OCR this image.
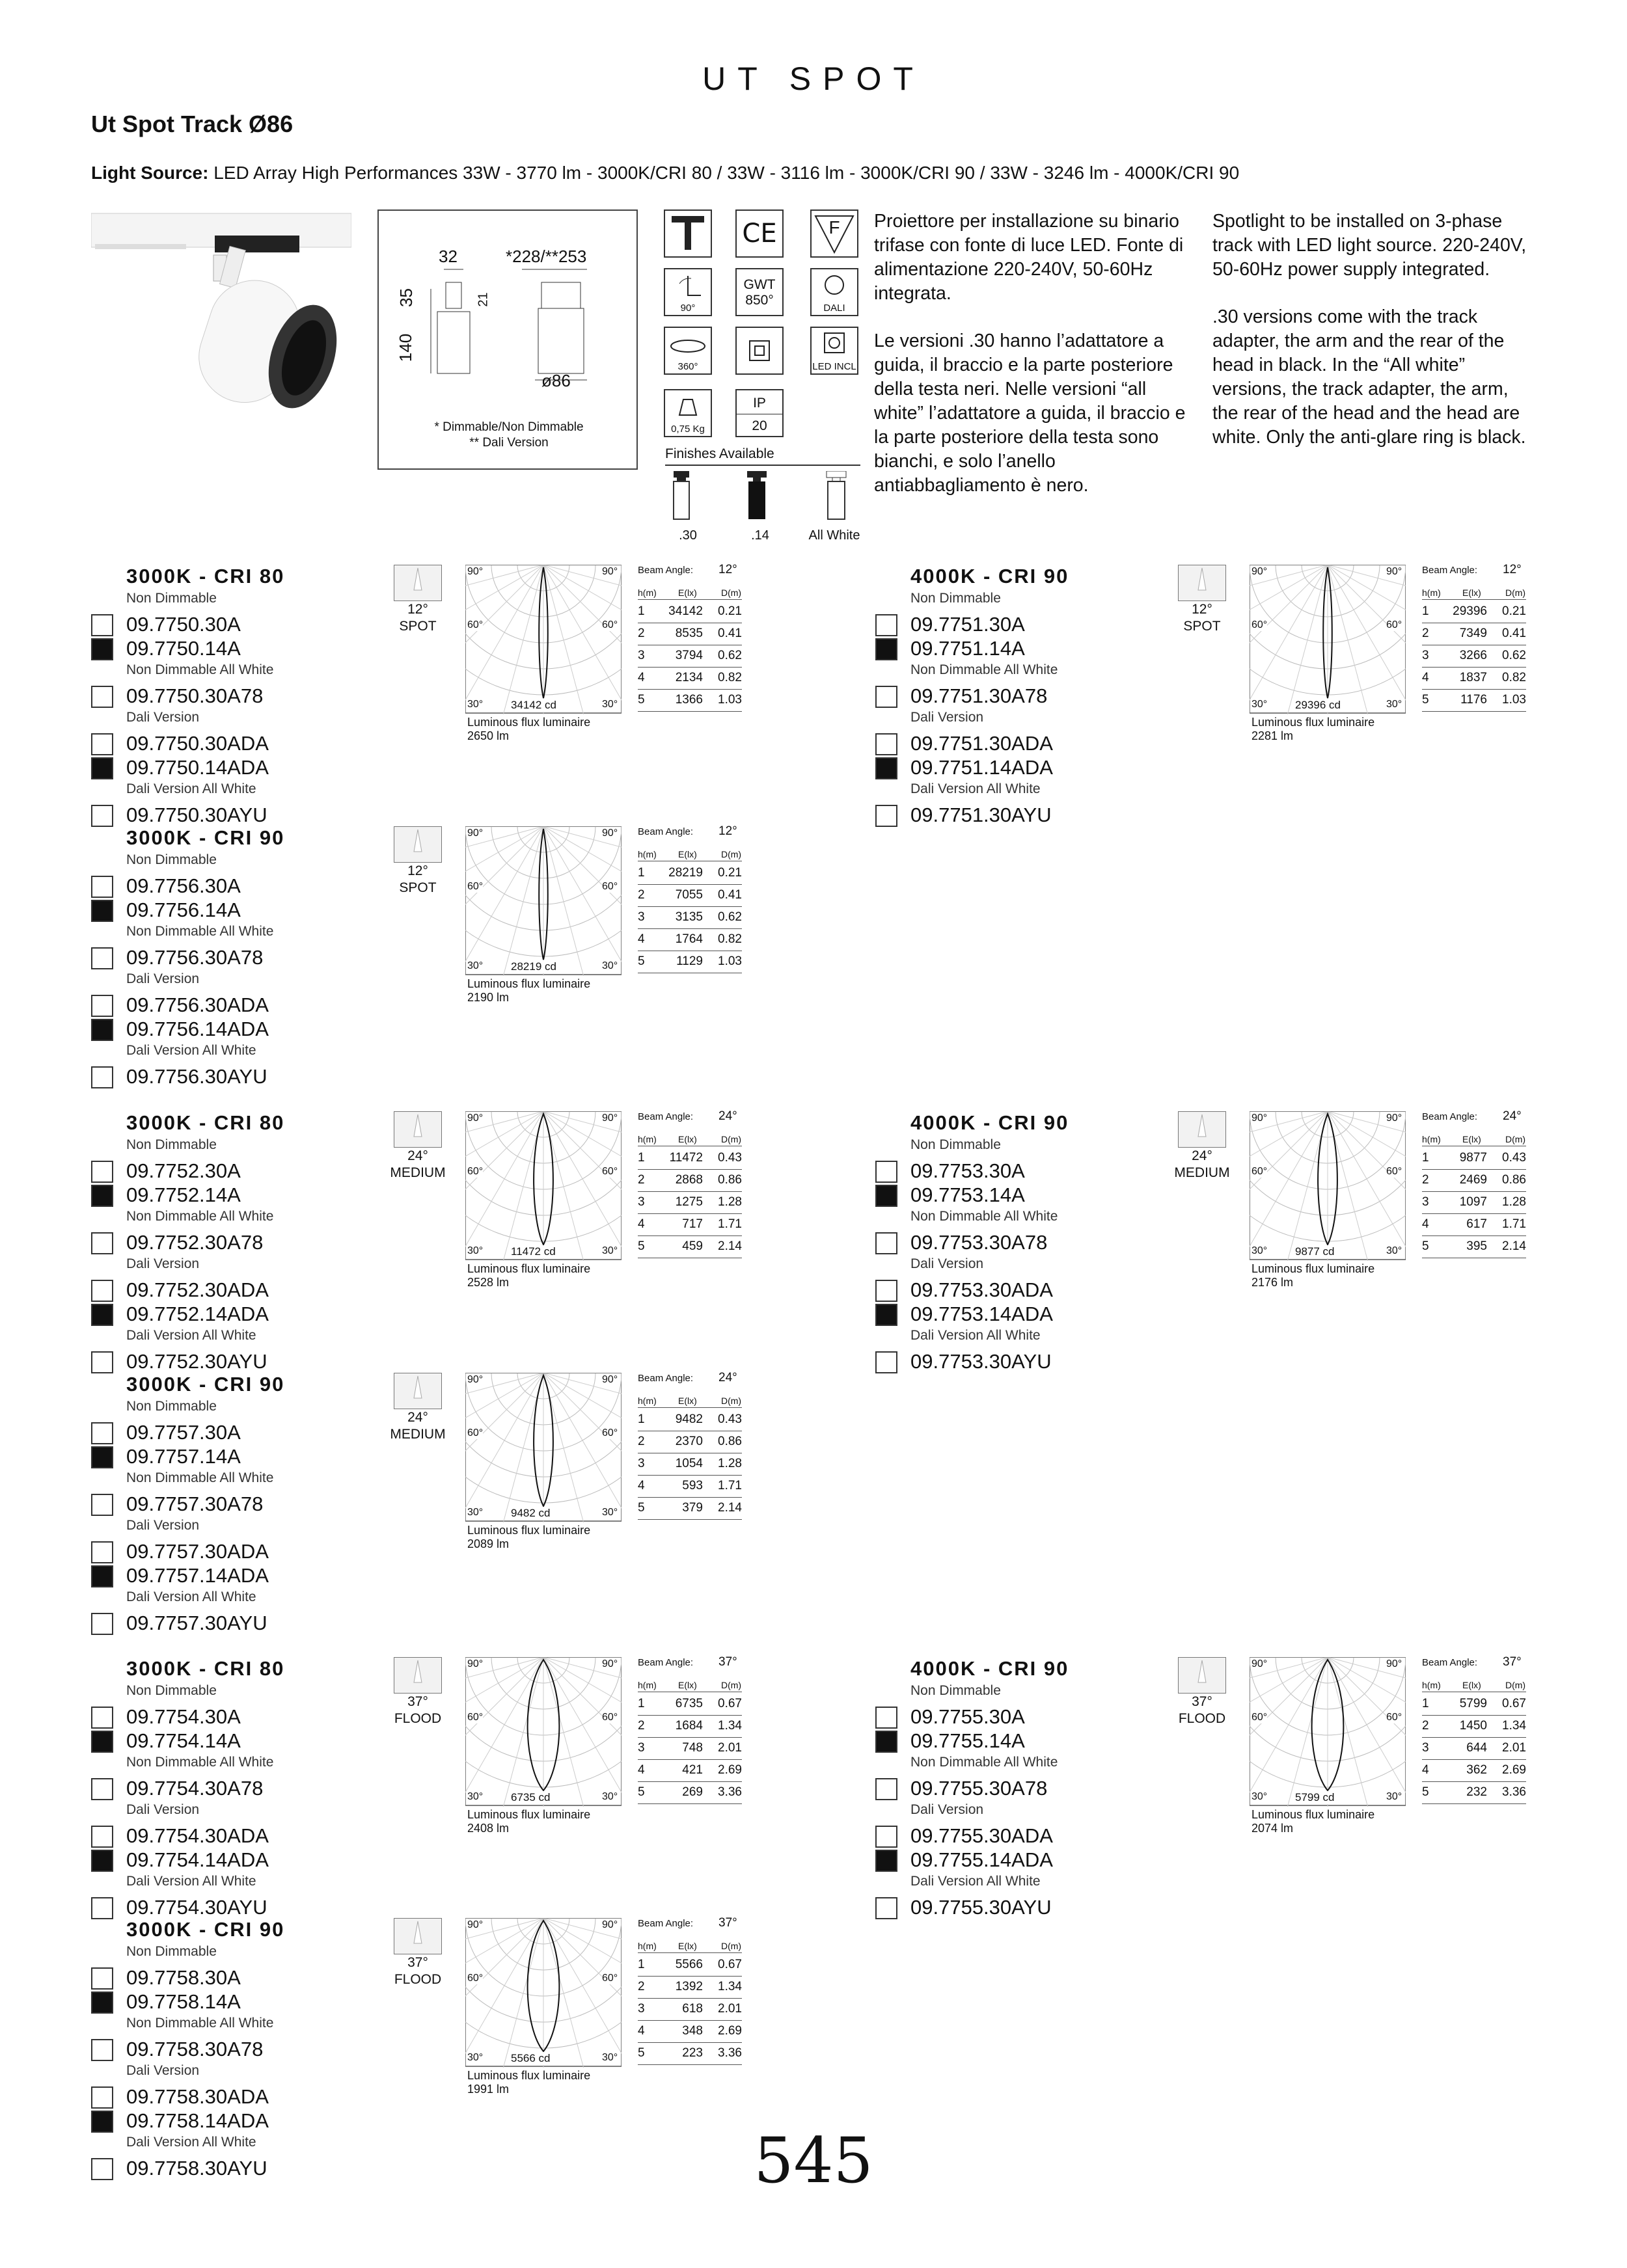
UT SPOT
Ut Spot Track Ø86
Light Source: LED Array High Performances 33W - 3770 lm - 3000K/CRI 80 / 33W - 3116 lm - 3000K/CRI 90 / 33W - 3246 lm - 4000K/CRI 90
32	*228/**253
35
140
21
ø86
* Dimmable/Non Dimmable
** Dali Version
CE	F
90°
GWT
850°
DALI
360°	LED INCL
0,75 Kg
IP
20
Finishes Available
.30	.14	All White
Proiettore per installazione su binario trifase con fonte di luce LED. Fonte di alimentazione 220-240V, 50-60Hz integrata.
Le versioni .30 hanno l’adattatore a guida, il braccio e la parte posteriore della testa neri. Nelle versioni “all white” l’adattatore a guida, il braccio e la parte posteriore della testa sono bianchi, e solo l’anello antiabbagliamento è nero.
Spotlight to be installed on 3-phase track with LED light source. 220-240V, 50-60Hz power supply integrated.
.30 versions come with the track adapter, the arm and the rear of the head in black. In the “All white” versions, the track adapter, the arm, the rear of the head and the head are white. Only the anti-glare ring is black.
3000K - CRI 80
Non Dimmable
09.7750.30A
09.7750.14A
Non Dimmable All White
09.7750.30A78
Dali Version
09.7750.30ADA
09.7750.14ADA
Dali Version All White
09.7750.30AYU
12°
SPOT
90°	90°
60°	60°
30°	30°
34142 cd
Luminous flux luminaire
2650 lm
Beam Angle: 12°
h(m) E(lx)	D(m)
1 34142 0.21
2 8535 0.41
3 3794 0.62
4 2134 0.82
5 1366 1.03
4000K - CRI 90
Non Dimmable
09.7751.30A
09.7751.14A
Non Dimmable All White
09.7751.30A78
Dali Version
09.7751.30ADA
09.7751.14ADA
Dali Version All White
09.7751.30AYU
12°
SPOT
90°	90°
60°	60°
30°	30°
29396 cd
Luminous flux luminaire
2281 lm
Beam Angle: 12°
h(m) E(lx)	D(m)
1 29396 0.21
2 7349 0.41
3 3266 0.62
4 1837 0.82
5	1176 1.03
3000K - CRI 90
Non Dimmable
09.7756.30A
09.7756.14A
Non Dimmable All White
09.7756.30A78
Dali Version
09.7756.30ADA
09.7756.14ADA
Dali Version All White
09.7756.30AYU
12°
SPOT
90°	90°
60°	60°
30°	30°
28219 cd
Luminous flux luminaire
2190 lm
Beam Angle: 12°
h(m) E(lx)	D(m)
1 28219 0.21
2 7055 0.41
3 3135 0.62
4 1764 0.82
5	1129 1.03
3000K - CRI 80
Non Dimmable
09.7752.30A
09.7752.14A
Non Dimmable All White
09.7752.30A78
Dali Version
09.7752.30ADA
09.7752.14ADA
Dali Version All White
09.7752.30AYU
24°
MEDIUM
90°	90°
60°	60°
30°	30°
11472 cd
Luminous flux luminaire
2528 lm
Beam Angle: 24°
h(m) E(lx)	D(m)
1 11472 0.43
2 2868 0.86
3 1275 1.28
4	717 1.71
5	459 2.14
4000K - CRI 90
Non Dimmable
09.7753.30A
09.7753.14A
Non Dimmable All White
09.7753.30A78
Dali Version
09.7753.30ADA
09.7753.14ADA
Dali Version All White
09.7753.30AYU
24°
MEDIUM
90°	90°
60°	60°
30°	30°
9877 cd
Luminous flux luminaire
2176 lm
Beam Angle: 24°
h(m) E(lx)	D(m)
1 9877 0.43
2 2469 0.86
3 1097 1.28
4	617 1.71
5	395 2.14
3000K - CRI 90
Non Dimmable
09.7757.30A
09.7757.14A
Non Dimmable All White
09.7757.30A78
Dali Version
09.7757.30ADA
09.7757.14ADA
Dali Version All White
09.7757.30AYU
24°
MEDIUM
90°	90°
60°	60°
30°	30°
9482 cd
Luminous flux luminaire
2089 lm
Beam Angle: 24°
h(m) E(lx)	D(m)
1 9482 0.43
2 2370 0.86
3 1054 1.28
4	593 1.71
5	379 2.14
3000K - CRI 80
Non Dimmable
09.7754.30A
09.7754.14A
Non Dimmable All White
09.7754.30A78
Dali Version
09.7754.30ADA
09.7754.14ADA
Dali Version All White
09.7754.30AYU
37°
FLOOD
90°	90°
60°	60°
30°	30°
6735 cd
Luminous flux luminaire
2408 lm
Beam Angle: 37°
h(m) E(lx)	D(m)
1 6735 0.67
2 1684 1.34
3	748 2.01
4	421 2.69
5	269 3.36
4000K - CRI 90
Non Dimmable
09.7755.30A
09.7755.14A
Non Dimmable All White
09.7755.30A78
Dali Version
09.7755.30ADA
09.7755.14ADA
Dali Version All White
09.7755.30AYU
37°
FLOOD
90°	90°
60°	60°
30°	30°
5799 cd
Luminous flux luminaire
2074 lm
Beam Angle: 37°
h(m) E(lx)	D(m)
1 5799 0.67
2 1450 1.34
3	644 2.01
4	362 2.69
5	232 3.36
3000K - CRI 90
Non Dimmable
09.7758.30A
09.7758.14A
Non Dimmable All White
09.7758.30A78
Dali Version
09.7758.30ADA
09.7758.14ADA
Dali Version All White
09.7758.30AYU
37°
FLOOD
90°	90°
60°	60°
30°	30°
5566 cd
Luminous flux luminaire
1991 lm
Beam Angle: 37°
h(m) E(lx)	D(m)
1 5566 0.67
2 1392 1.34
3	618 2.01
4	348 2.69
5	223 3.36
545
